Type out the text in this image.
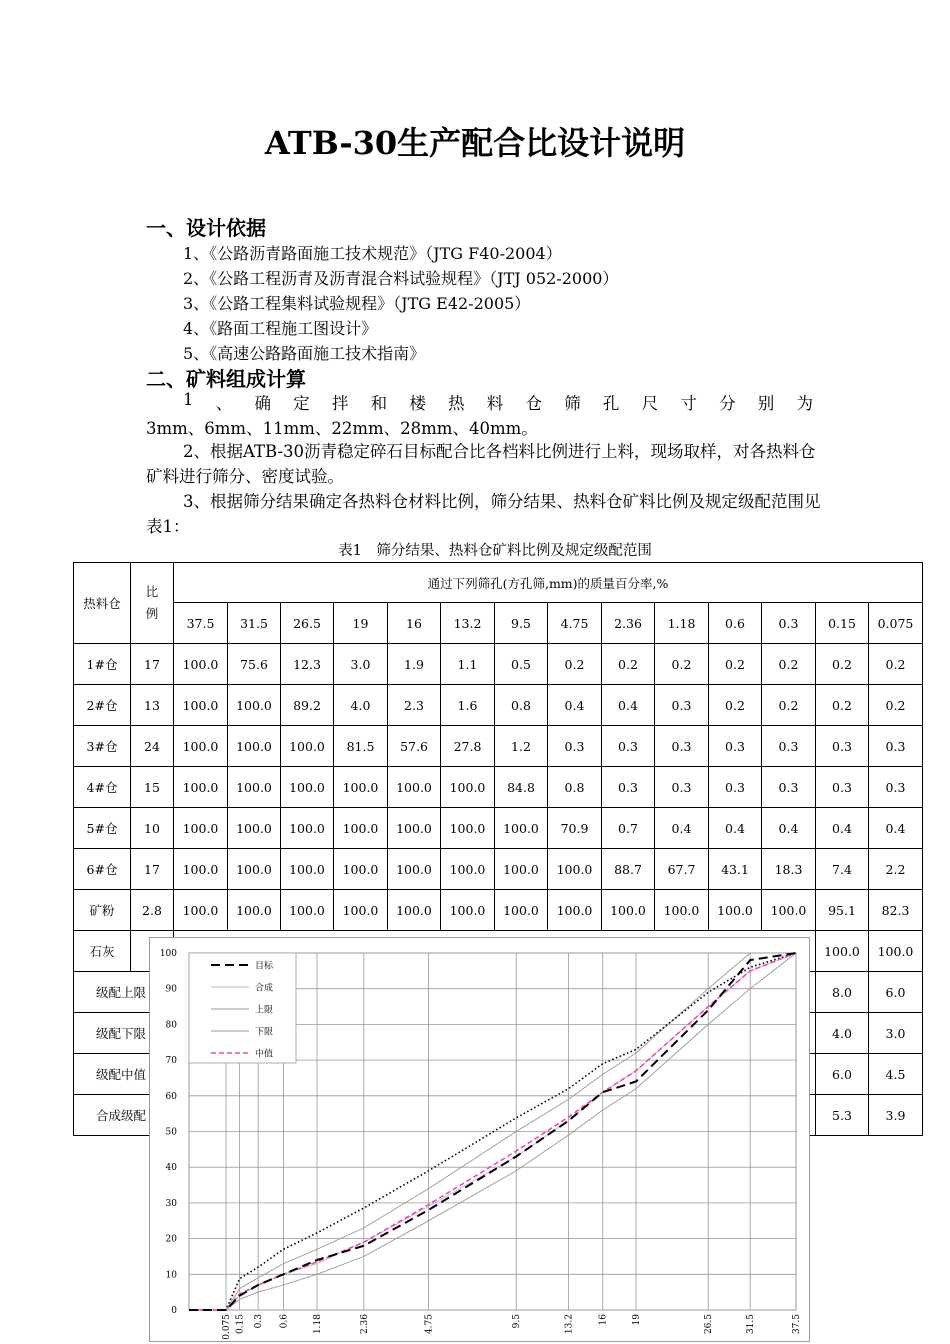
ATB-30生产配合比设计说明
一、设计依据
1、《公路沥青路面施工技术规范》（JTG F40-2004）
2、《公路工程沥青及沥青混合料试验规程》（JTJ 052-2000）
3、《公路工程集料试验规程》（JTG E42-2005）
4、《路面工程施工图设计》
5、《高速公路路面施工技术指南》
二、矿料组成计算
1 、 确 定 拌 和 楼 热 料 仓 筛 孔 尺 寸 分 别 为
3mm、6mm、11mm、22mm、28mm、40mm。
2、根据ATB-30沥青稳定碎石目标配合比各档料比例进行上料，现场取样，对各热料仓矿料进行筛分、密度试验。
3、根据筛分结果确定各热料仓材料比例，筛分结果、热料仓矿料比例及规定级配范围见表1：
表1　筛分结果、热料仓矿料比例及规定级配范围
热料仓	比例	通过下列筛孔(方孔筛,mm)的质量百分率,%													
		37.5	31.5	26.5	19	16	13.2	9.5	4.75	2.36	1.18	0.6	0.3	0.15	0.075
1#仓	17	100.0	75.6	12.3	3.0	1.9	1.1	0.5	0.2	0.2	0.2	0.2	0.2	0.2	0.2
2#仓	13	100.0	100.0	89.2	4.0	2.3	1.6	0.8	0.4	0.4	0.3	0.2	0.2	0.2	0.2
3#仓	24	100.0	100.0	100.0	81.5	57.6	27.8	1.2	0.3	0.3	0.3	0.3	0.3	0.3	0.3
4#仓	15	100.0	100.0	100.0	100.0	100.0	100.0	84.8	0.8	0.3	0.3	0.3	0.3	0.3	0.3
5#仓	10	100.0	100.0	100.0	100.0	100.0	100.0	100.0	70.9	0.7	0.4	0.4	0.4	0.4	0.4
6#仓	17	100.0	100.0	100.0	100.0	100.0	100.0	100.0	100.0	88.7	67.7	43.1	18.3	7.4	2.2
矿粉	2.8	100.0	100.0	100.0	100.0	100.0	100.0	100.0	100.0	100.0	100.0	100.0	100.0	95.1	82.3
石灰														100.0	100.0
级配上限														8.0	6.0
级配下限														4.0	3.0
级配中值														6.0	4.5
合成级配														5.3	3.9
0
10
20
30
40
50
60
70
80
90
100
0.075 0.15 0.3 0.6	1.18	2.36	4.75	9.5	13.2	16	19	26.5	31.5	37.5
目标
合成
上限
下限
中值
